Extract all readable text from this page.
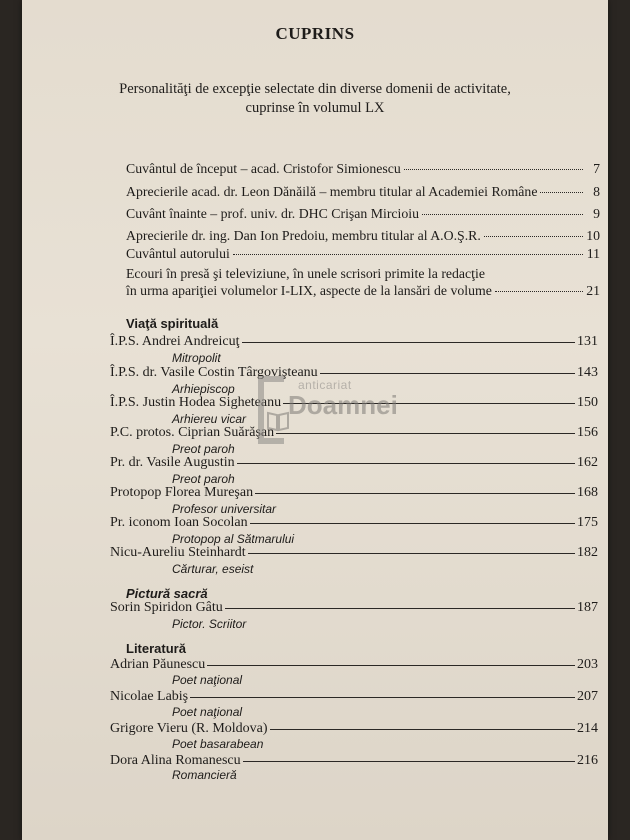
CUPRINS
Personalităţi de excepţie selectate din diverse domenii de activitate,
cuprinse în volumul LX
Cuvântul de început – acad. Cristofor Simionescu	7
Aprecierile acad. dr. Leon Dănăilă – membru titular al Academiei Române	8
Cuvânt înainte – prof. univ. dr. DHC Crişan Mircioiu	9
Aprecierile dr. ing. Dan Ion Predoiu, membru titular al A.O.Ş.R.	10
Cuvântul autorului	11
Ecouri în presă şi televiziune, în unele scrisori primite la redacţie
în urma apariţiei volumelor I-LIX, aspecte de la lansări de volume	21
Viaţă spirituală
Î.P.S. Andrei Andreicuţ	131
Mitropolit
Î.P.S. dr. Vasile Costin Târgovişteanu	143
Arhiepiscop
Î.P.S. Justin Hodea Sigheteanu	150
Arhiereu vicar
P.C. protos. Ciprian Suărăşan	156
Preot paroh
Pr. dr. Vasile Augustin	162
Preot paroh
Protopop Florea Mureşan	168
Profesor universitar
Pr. iconom Ioan Socolan	175
Protopop al Sătmarului
Nicu-Aureliu Steinhardt	182
Cărturar, eseist
Pictură sacră
Sorin Spiridon Gâtu	187
Pictor. Scriitor
Literatură
Adrian Păunescu	203
Poet naţional
Nicolae Labiş	207
Poet naţional
Grigore Vieru (R. Moldova)	214
Poet basarabean
Dora Alina Romanescu	216
Romancieră
anticariat
Doamnei
